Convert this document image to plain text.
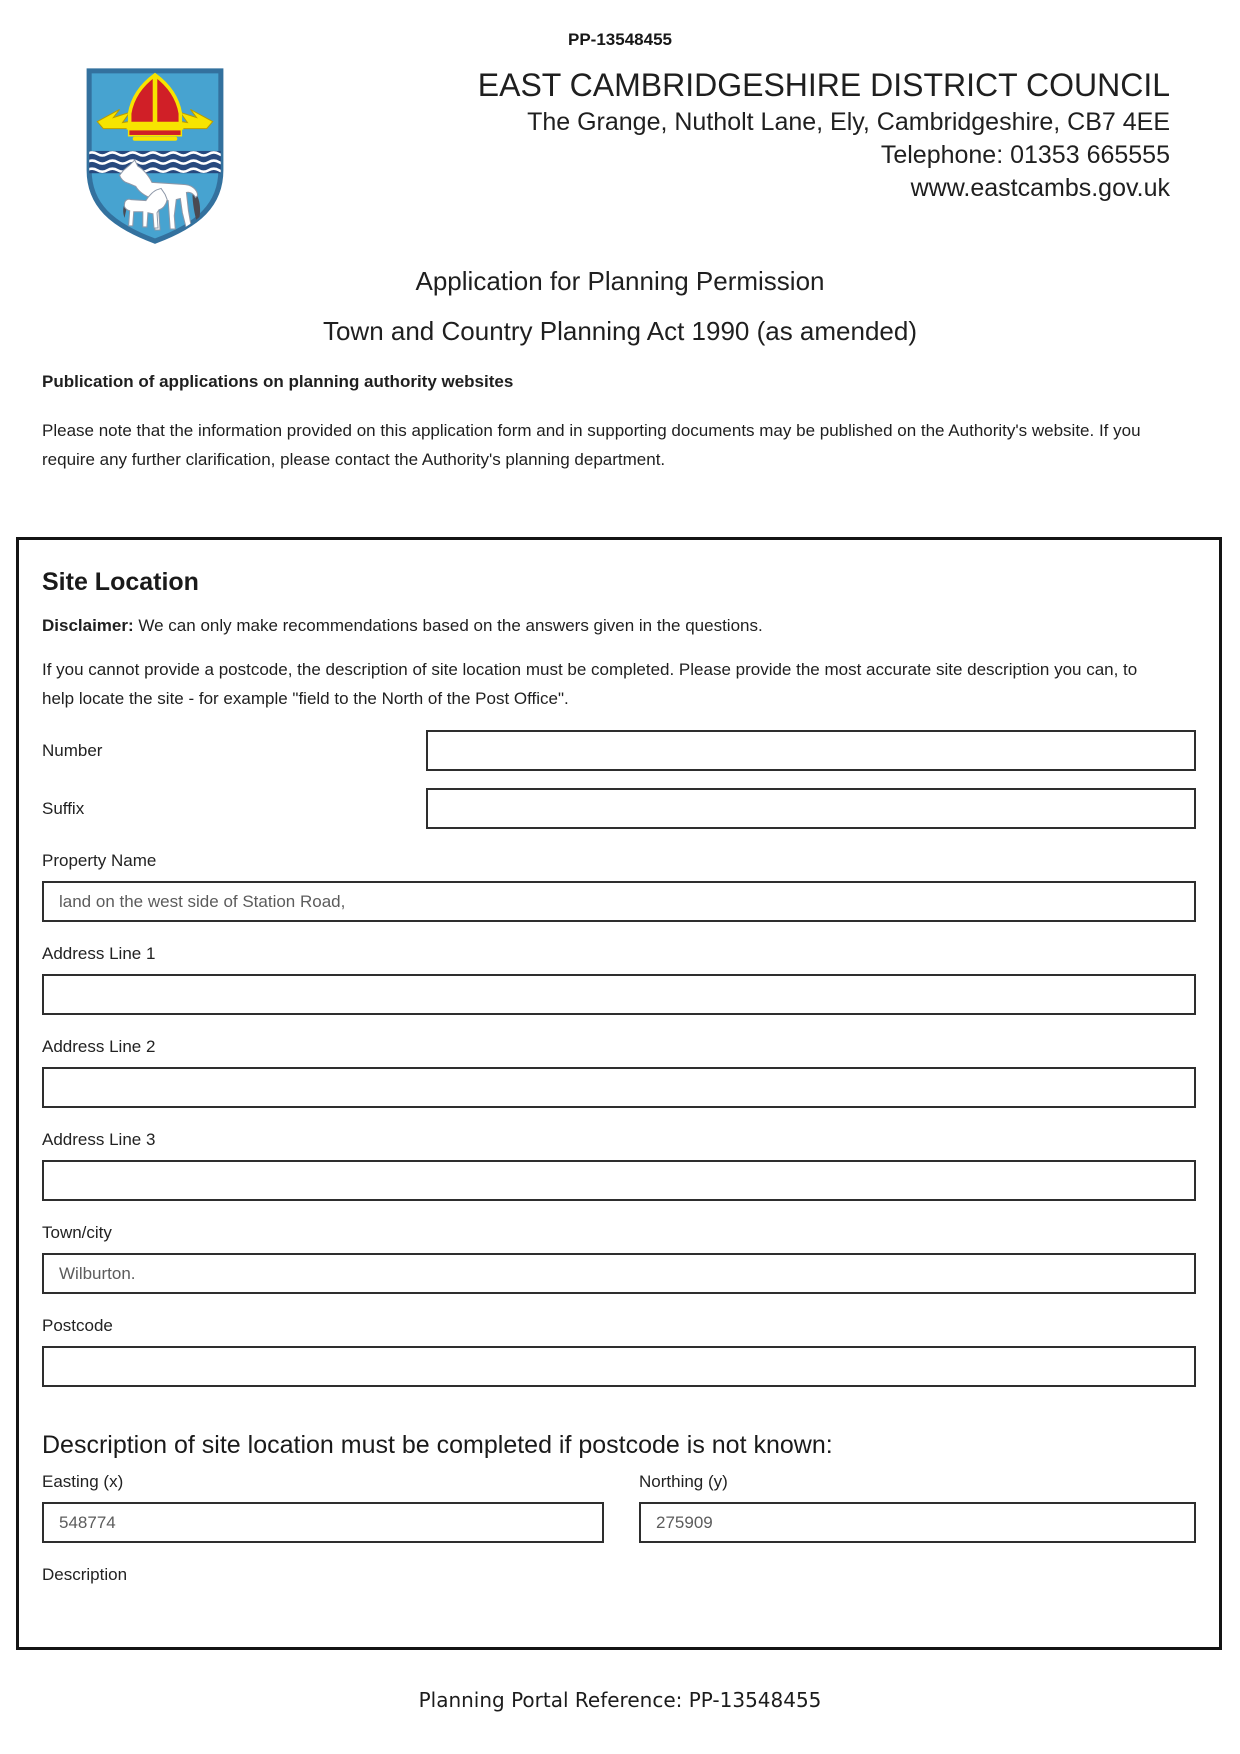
PP-13548455
EAST CAMBRIDGESHIRE DISTRICT COUNCIL
The Grange, Nutholt Lane, Ely, Cambridgeshire, CB7 4EE
Telephone: 01353 665555
www.eastcambs.gov.uk
Application for Planning Permission
Town and Country Planning Act 1990 (as amended)
Publication of applications on planning authority websites

Please note that the information provided on this application form and in supporting documents may be published on the Authority's website. If you require any further clarification, please contact the Authority's planning department.

Site Location
Disclaimer: We can only make recommendations based on the answers given in the questions.

If you cannot provide a postcode, the description of site location must be completed. Please provide the most accurate site description you can, to help locate the site - for example "field to the North of the Post Office".

Number
Suffix
Property Name
land on the west side of Station Road,
Address Line 1
Address Line 2
Address Line 3
Town/city
Wilburton.
Postcode
Description of site location must be completed if postcode is not known:
Easting (x)
548774	Northing (y)
275909
Description
Planning Portal Reference: PP-13548455
